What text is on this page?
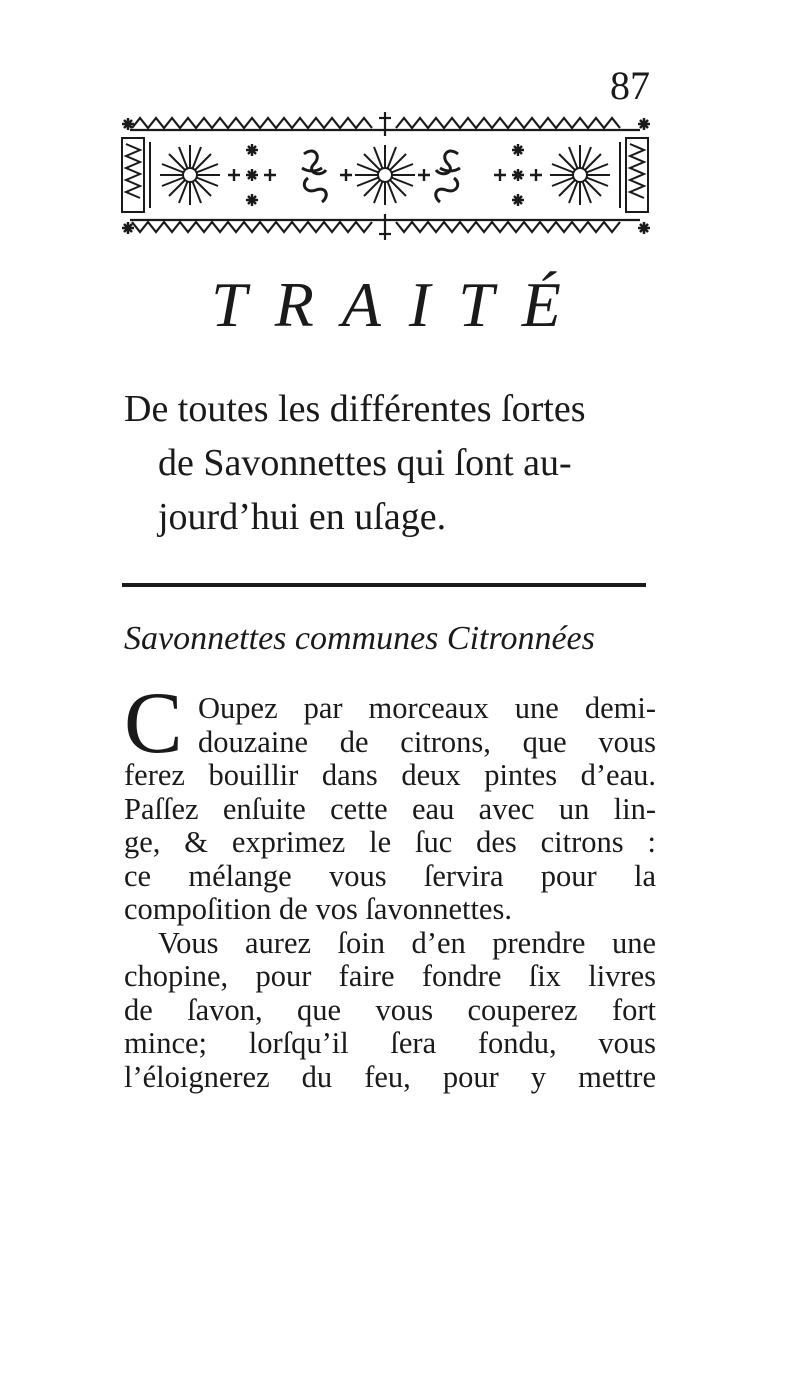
87
TRAITÉ
De toutes les différentes ſortes
de Savonnettes qui ſont au-
jourd’hui en uſage.
Savonnettes communes Citronnées
C Oupez par morceaux une demi-
douzaine de citrons, que vous
ferez bouillir dans deux pintes d’eau.
Paſſez enſuite cette eau avec un lin-
ge, & exprimez le ſuc des citrons :
ce mélange vous ſervira pour la
compoſition de vos ſavonnettes.
Vous aurez ſoin d’en prendre une
chopine, pour faire fondre ſix livres
de ſavon, que vous couperez fort
mince; lorſqu’il ſera fondu, vous
l’éloignerez du feu, pour y mettre
